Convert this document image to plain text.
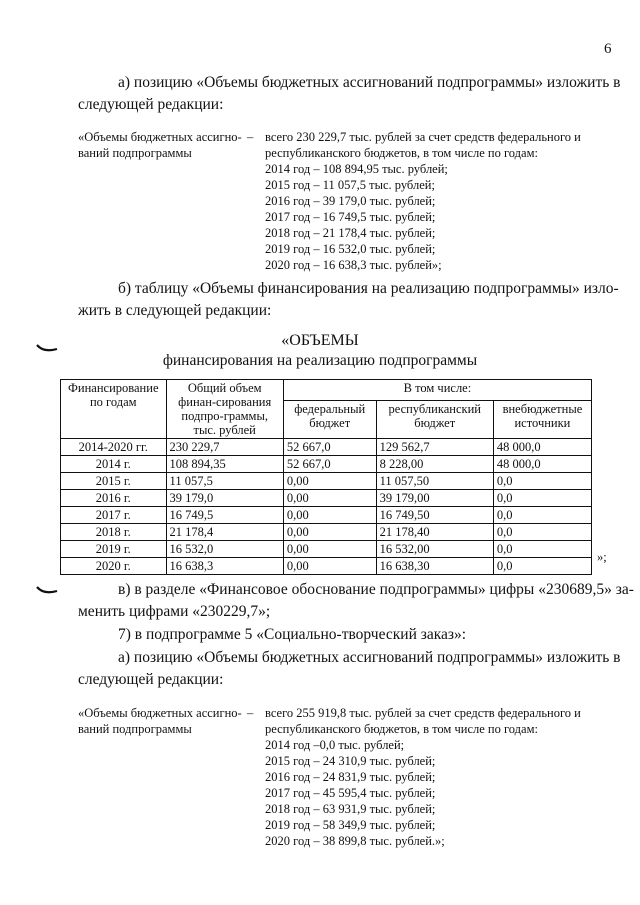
6
а) позицию «Объемы бюджетных ассигнований подпрограммы» изложить в
следующей редакции:
«Объемы бюджетных ассигно-
ваний подпрограммы
– всего 230 229,7 тыс. рублей за счет средств федерального и
республиканского бюджетов, в том числе по годам:
2014 год – 108 894,95 тыс. рублей;
2015 год – 11 057,5 тыс. рублей;
2016 год – 39 179,0 тыс. рублей;
2017 год – 16 749,5 тыс. рублей;
2018 год – 21 178,4 тыс. рублей;
2019 год – 16 532,0 тыс. рублей;
2020 год – 16 638,3 тыс. рублей»;
б) таблицу «Объемы финансирования на реализацию подпрограммы» изло-
жить в следующей редакции:
«ОБЪЕМЫ
финансирования на реализацию подпрограммы
Финансирование по годам	Общий объем финан-сирования подпро-граммы, тыс. рублей	В том числе:		
		федеральный бюджет	республиканский бюджет	внебюджетные источники
2014-2020 гг.	230 229,7	52 667,0	129 562,7	48 000,0
2014 г.	108 894,35	52 667,0	8 228,00	48 000,0
2015 г.	11 057,5	0,00	11 057,50	0,0
2016 г.	39 179,0	0,00	39 179,00	0,0
2017 г.	16 749,5	0,00	16 749,50	0,0
2018 г.	21 178,4	0,00	21 178,40	0,0
2019 г.	16 532,0	0,00	16 532,00	0,0
2020 г.	16 638,3	0,00	16 638,30	0,0
»;
в) в разделе «Финансовое обоснование подпрограммы» цифры «230689,5» за-
менить цифрами «230229,7»;
7) в подпрограмме 5 «Социально-творческий заказ»:
а) позицию «Объемы бюджетных ассигнований подпрограммы» изложить в
следующей редакции:
«Объемы бюджетных ассигно-
ваний подпрограммы
– всего 255 919,8 тыс. рублей за счет средств федерального и
республиканского бюджетов, в том числе по годам:
2014 год –0,0 тыс. рублей;
2015 год – 24 310,9 тыс. рублей;
2016 год – 24 831,9 тыс. рублей;
2017 год – 45 595,4 тыс. рублей;
2018 год – 63 931,9 тыс. рублей;
2019 год – 58 349,9 тыс. рублей;
2020 год – 38 899,8 тыс. рублей.»;
